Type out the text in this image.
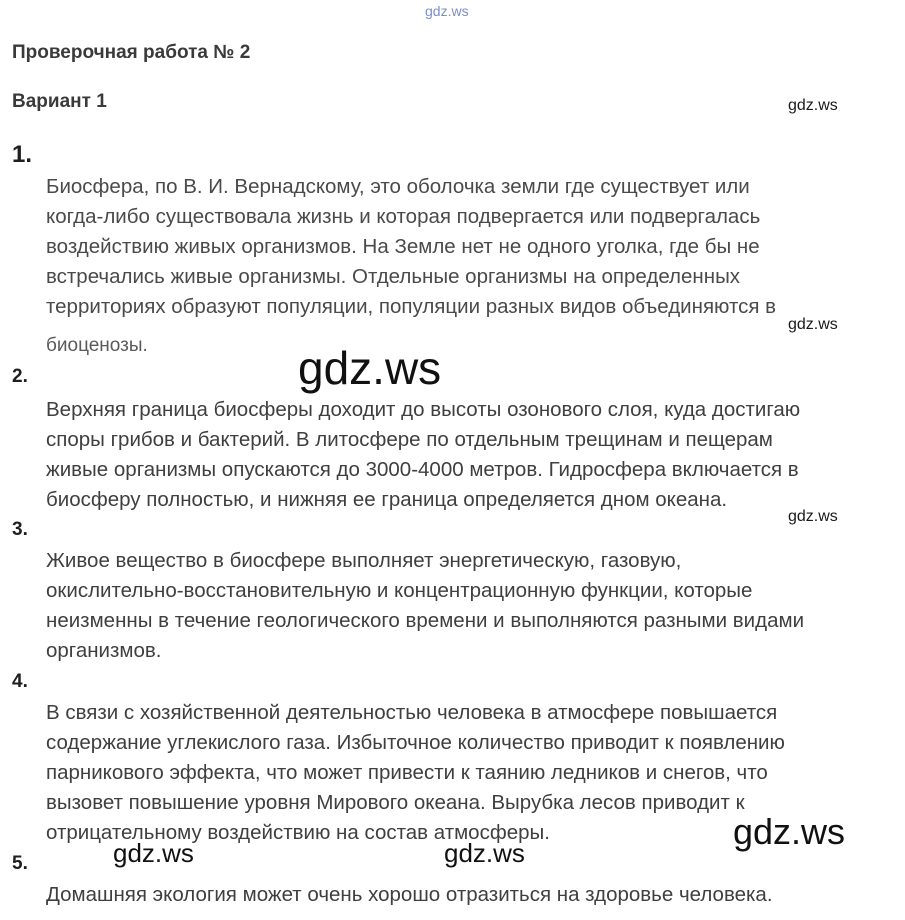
gdz.ws
Проверочная работа № 2
Вариант 1
1.
Биосфера, по В. И. Вернадскому, это оболочка земли где существует или
когда-либо существовала жизнь и которая подвергается или подвергалась
воздействию живых организмов. На Земле нет не одного уголка, где бы не
встречались живые организмы. Отдельные организмы на определенных
территориях образуют популяции, популяции разных видов объединяются в
биоценозы.
2.
Верхняя граница биосферы доходит до высоты озонового слоя, куда достигаю
споры грибов и бактерий. В литосфере по отдельным трещинам и пещерам
живые организмы опускаются до 3000-4000 метров. Гидросфера включается в
биосферу полностью, и нижняя ее граница определяется дном океана.
3.
Живое вещество в биосфере выполняет энергетическую, газовую,
окислительно-восстановительную и концентрационную функции, которые
неизменны в течение геологического времени и выполняются разными видами
организмов.
4.
В связи с хозяйственной деятельностью человека в атмосфере повышается
содержание углекислого газа. Избыточное количество приводит к появлению
парникового эффекта, что может привести к таянию ледников и снегов, что
вызовет повышение уровня Мирового океана. Вырубка лесов приводит к
отрицательному воздействию на состав атмосферы.
5.
Домашняя экология может очень хорошо отразиться на здоровье человека.
gdz.ws
gdz.ws
gdz.ws
gdz.ws
gdz.ws
gdz.ws	gdz.ws
